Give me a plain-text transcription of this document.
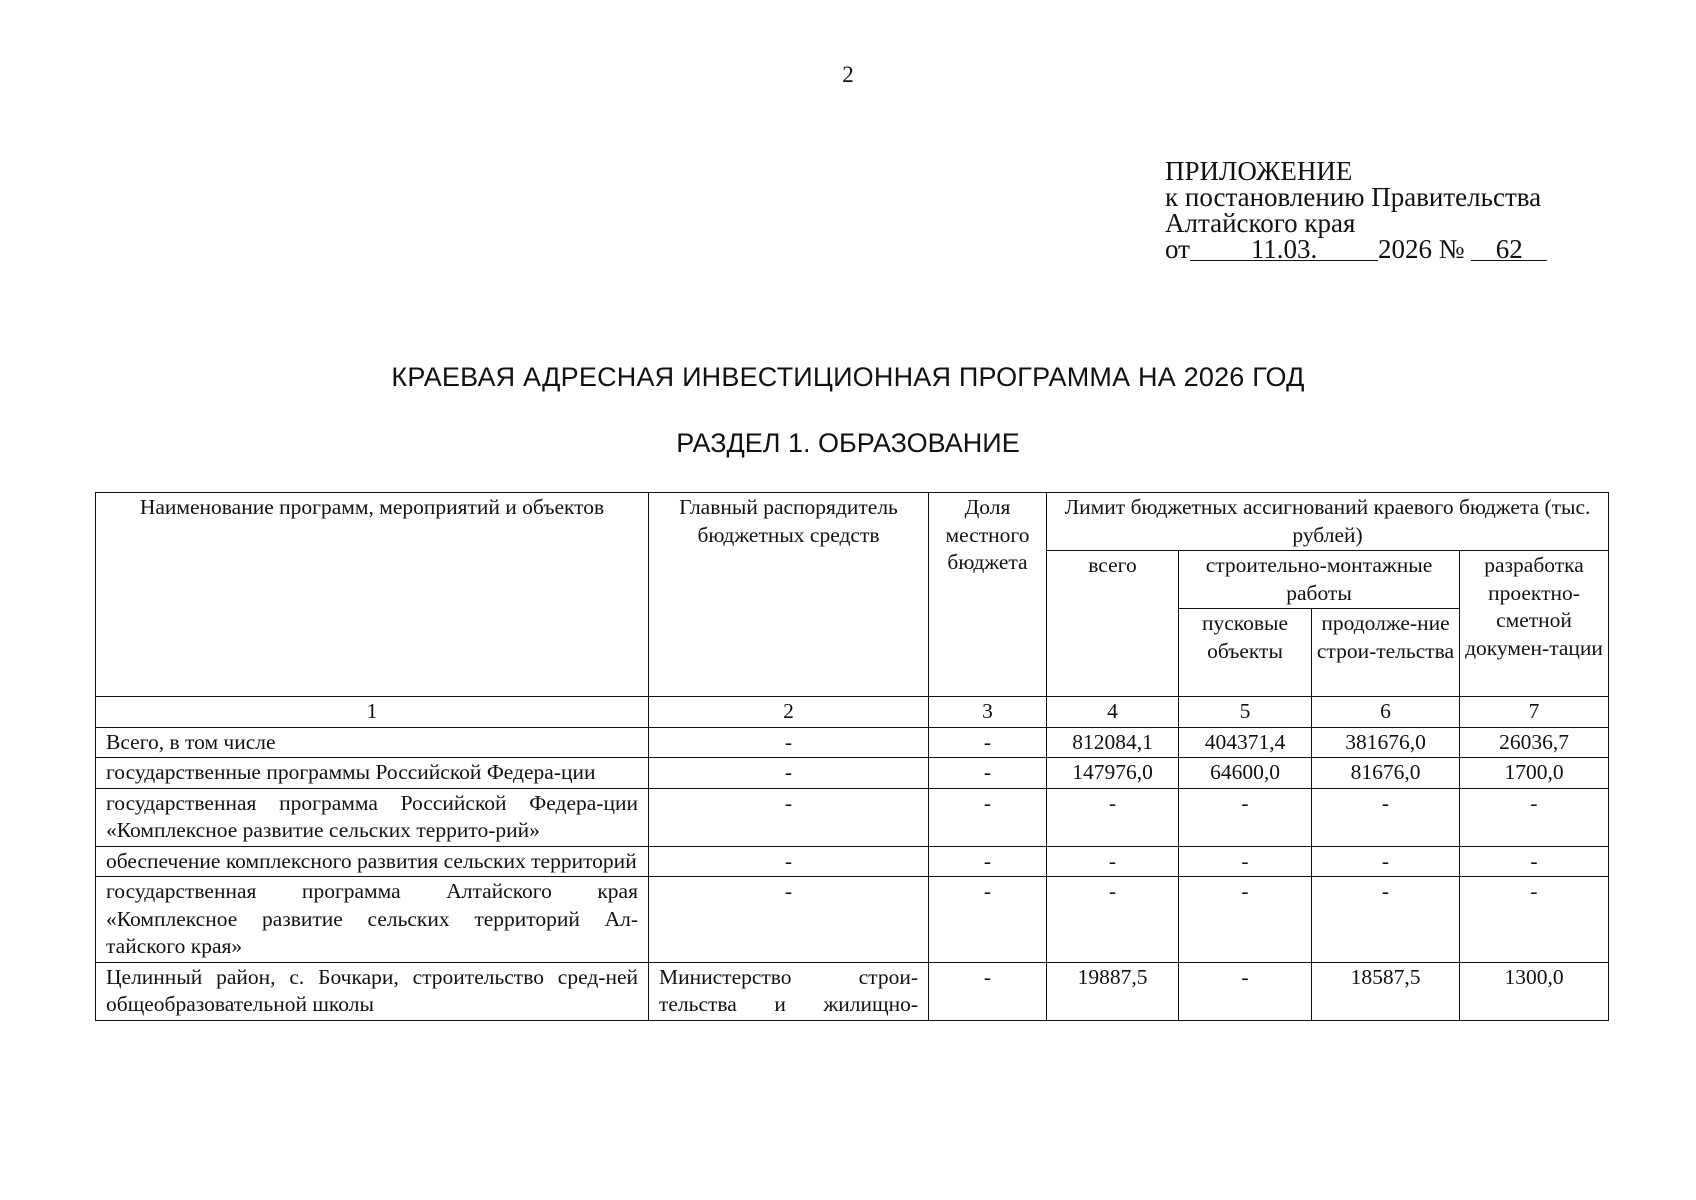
2
ПРИЛОЖЕНИЕ
к постановлению Правительства
Алтайского края
от 11.03. 2026 № 62
КРАЕВАЯ АДРЕСНАЯ ИНВЕСТИЦИОННАЯ ПРОГРАММА НА 2026 ГОД
РАЗДЕЛ 1. ОБРАЗОВАНИЕ
Наименование программ, мероприятий и объектов	Главный распорядитель бюджетных средств	Доля местного бюджета	Лимит бюджетных ассигнований краевого бюджета (тыс. рублей)			
			всего	строительно-монтажные работы		разработка проектно-сметной докумен-тации
				пусковые объекты	продолже-ние строи-тельства	
1	2	3	4	5	6	7
Всего, в том числе	-	-	812084,1	404371,4	381676,0	26036,7
государственные программы Российской Федера-ции	-	-	147976,0	64600,0	81676,0	1700,0
государственная программа Российской Федера-ции «Комплексное развитие сельских террито-рий»	-	-	-	-	-	-
обеспечение комплексного развития сельских территорий	-	-	-	-	-	-
государственная программа Алтайского края «Комплексное развитие сельских территорий Ал-тайского края»	-	-	-	-	-	-
Целинный район, с. Бочкари, строительство сред-ней общеобразовательной школы	Министерство строи-тельства и жилищно-	-	19887,5	-	18587,5	1300,0
